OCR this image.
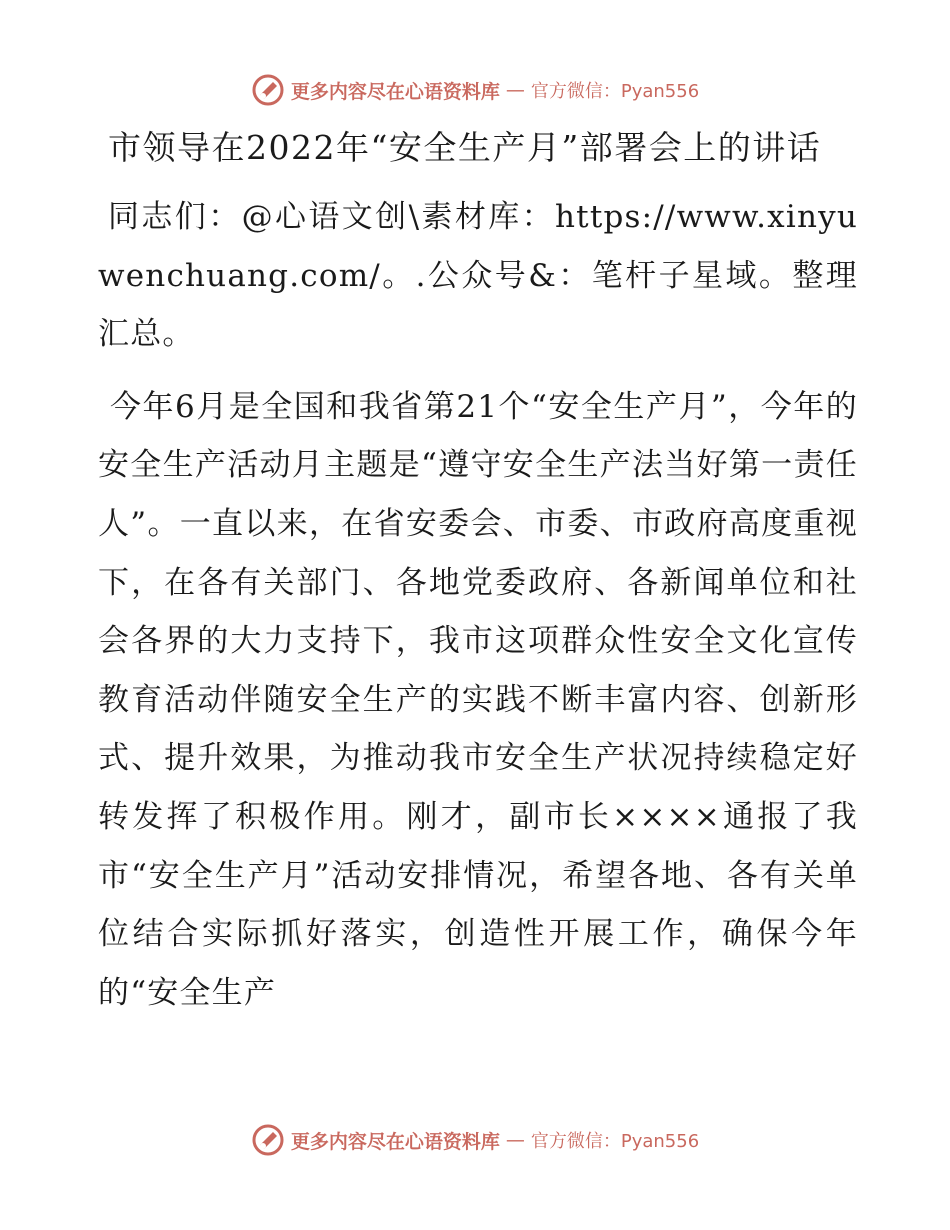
更多内容尽在心语资料库 — 官方微信：Pyan556
市领导在2022年“安全生产月”部署会上的讲话

同志们：@心语文创\素材库：https://www.xinyuwenchuang.com/。.公众号&：笔杆子星域。整理汇总。

今年6月是全国和我省第21个“安全生产月”，今年的安全生产活动月主题是“遵守安全生产法当好第一责任人”。一直以来，在省安委会、市委、市政府高度重视下，在各有关部门、各地党委政府、各新闻单位和社会各界的大力支持下，我市这项群众性安全文化宣传教育活动伴随安全生产的实践不断丰富内容、创新形式、提升效果，为推动我市安全生产状况持续稳定好转发挥了积极作用。刚才，副市长××××通报了我市“安全生产月”活动安排情况，希望各地、各有关单位结合实际抓好落实，创造性开展工作，确保今年的“安全生产

更多内容尽在心语资料库 — 官方微信：Pyan556
